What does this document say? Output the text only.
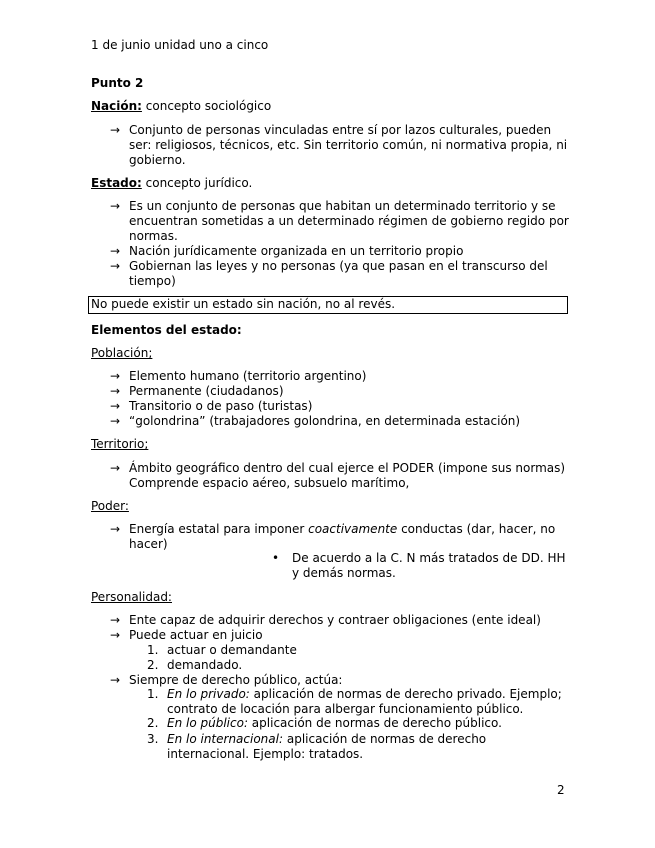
1 de junio unidad uno a cinco
Punto 2
Nación: concepto sociológico
→ Conjunto de personas vinculadas entre sí por lazos culturales, pueden
ser: religiosos, técnicos, etc. Sin territorio común, ni normativa propia, ni
gobierno.
Estado: concepto jurídico.
→ Es un conjunto de personas que habitan un determinado territorio y se
encuentran sometidas a un determinado régimen de gobierno regido por
normas.
→ Nación jurídicamente organizada en un territorio propio
→ Gobiernan las leyes y no personas (ya que pasan en el transcurso del
tiempo)
No puede existir un estado sin nación, no al revés.
Elementos del estado:
Población;
→ Elemento humano (territorio argentino)
→ Permanente (ciudadanos)
→ Transitorio o de paso (turistas)
→ “golondrina” (trabajadores golondrina, en determinada estación)
Territorio;
→ Ámbito geográfico dentro del cual ejerce el PODER (impone sus normas)
Comprende espacio aéreo, subsuelo marítimo,
Poder:
→ Energía estatal para imponer coactivamente conductas (dar, hacer, no
hacer)
• De acuerdo a la C. N más tratados de DD. HH
y demás normas.
Personalidad:
→ Ente capaz de adquirir derechos y contraer obligaciones (ente ideal)
→ Puede actuar en juicio
1. actuar o demandante
2. demandado.
→ Siempre de derecho público, actúa:
1. En lo privado: aplicación de normas de derecho privado. Ejemplo;
contrato de locación para albergar funcionamiento público.
2. En lo público: aplicación de normas de derecho público.
3. En lo internacional: aplicación de normas de derecho
internacional. Ejemplo: tratados.
2
